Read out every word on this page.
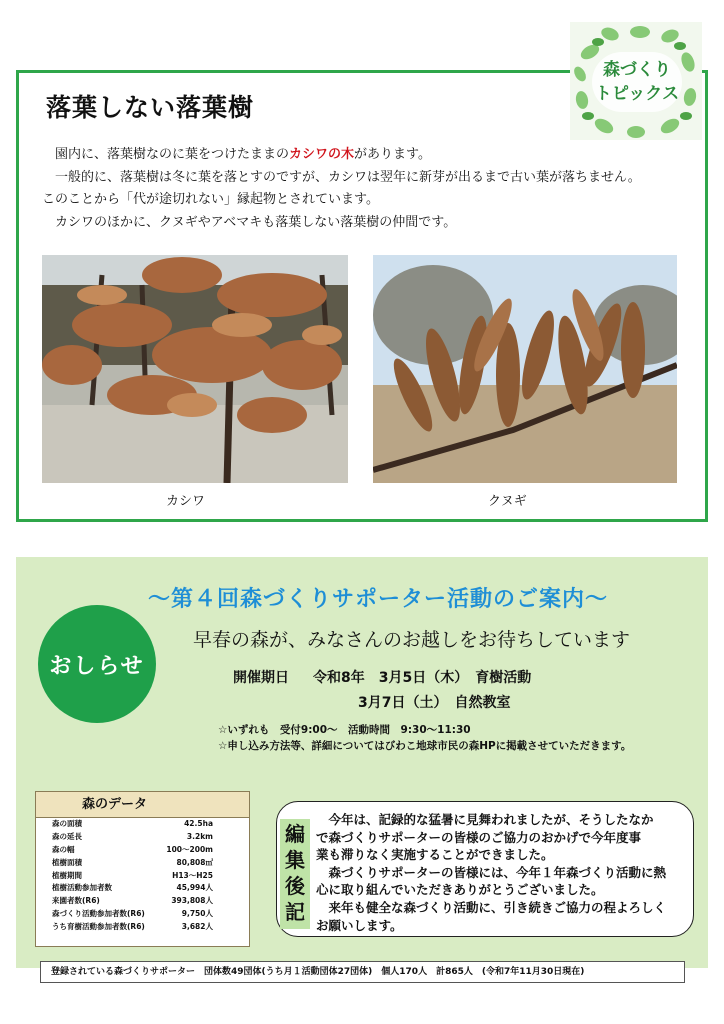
森づくり
トピックス
落葉しない落葉樹

　園内に、落葉樹なのに葉をつけたままのカシワの木があります。

　一般的に、落葉樹は冬に葉を落とすのですが、カシワは翌年に新芽が出るまで古い葉が落ちません。

このことから「代が途切れない」縁起物とされています。

　カシワのほかに、クヌギやアベマキも落葉しない落葉樹の仲間です。

カシワ	クヌギ
～第４回森づくりサポーター活動のご案内～
おしらせ
早春の森が、みなさんのお越しをお待ちしています
開催期日 令和8年　3月5日（木）　育樹活動
3月7日（土）　自然教室
☆いずれも　受付9:00～　活動時間　9:30～11:30
☆申し込み方法等、詳細についてはびわこ地球市民の森HPに掲載させていただきます。
森のデータ
森の面積	42.5ha
森の延長	3.2km
森の幅	100～200m
植樹面積	80,808㎡
植樹期間	H13～H25
植樹活動参加者数	45,994人
来園者数(R6)	393,808人
森づくり活動参加者数(R6)	9,750人
うち育樹活動参加者数(R6)	3,682人
編
集
後
記

　今年は、記録的な猛暑に見舞われましたが、そうしたなか

で森づくりサポーターの皆様のご協力のおかげで今年度事

業も滞りなく実施することができました。

　森づくりサポーターの皆様には、今年１年森づくり活動に熱

心に取り組んでいただきありがとうございました。

　来年も健全な森づくり活動に、引き続きご協力の程よろしく

お願いします。

登録されている森づくりサポーター　団体数49団体(うち月１活動団体27団体)　個人170人　計865人　(令和7年11月30日現在)
